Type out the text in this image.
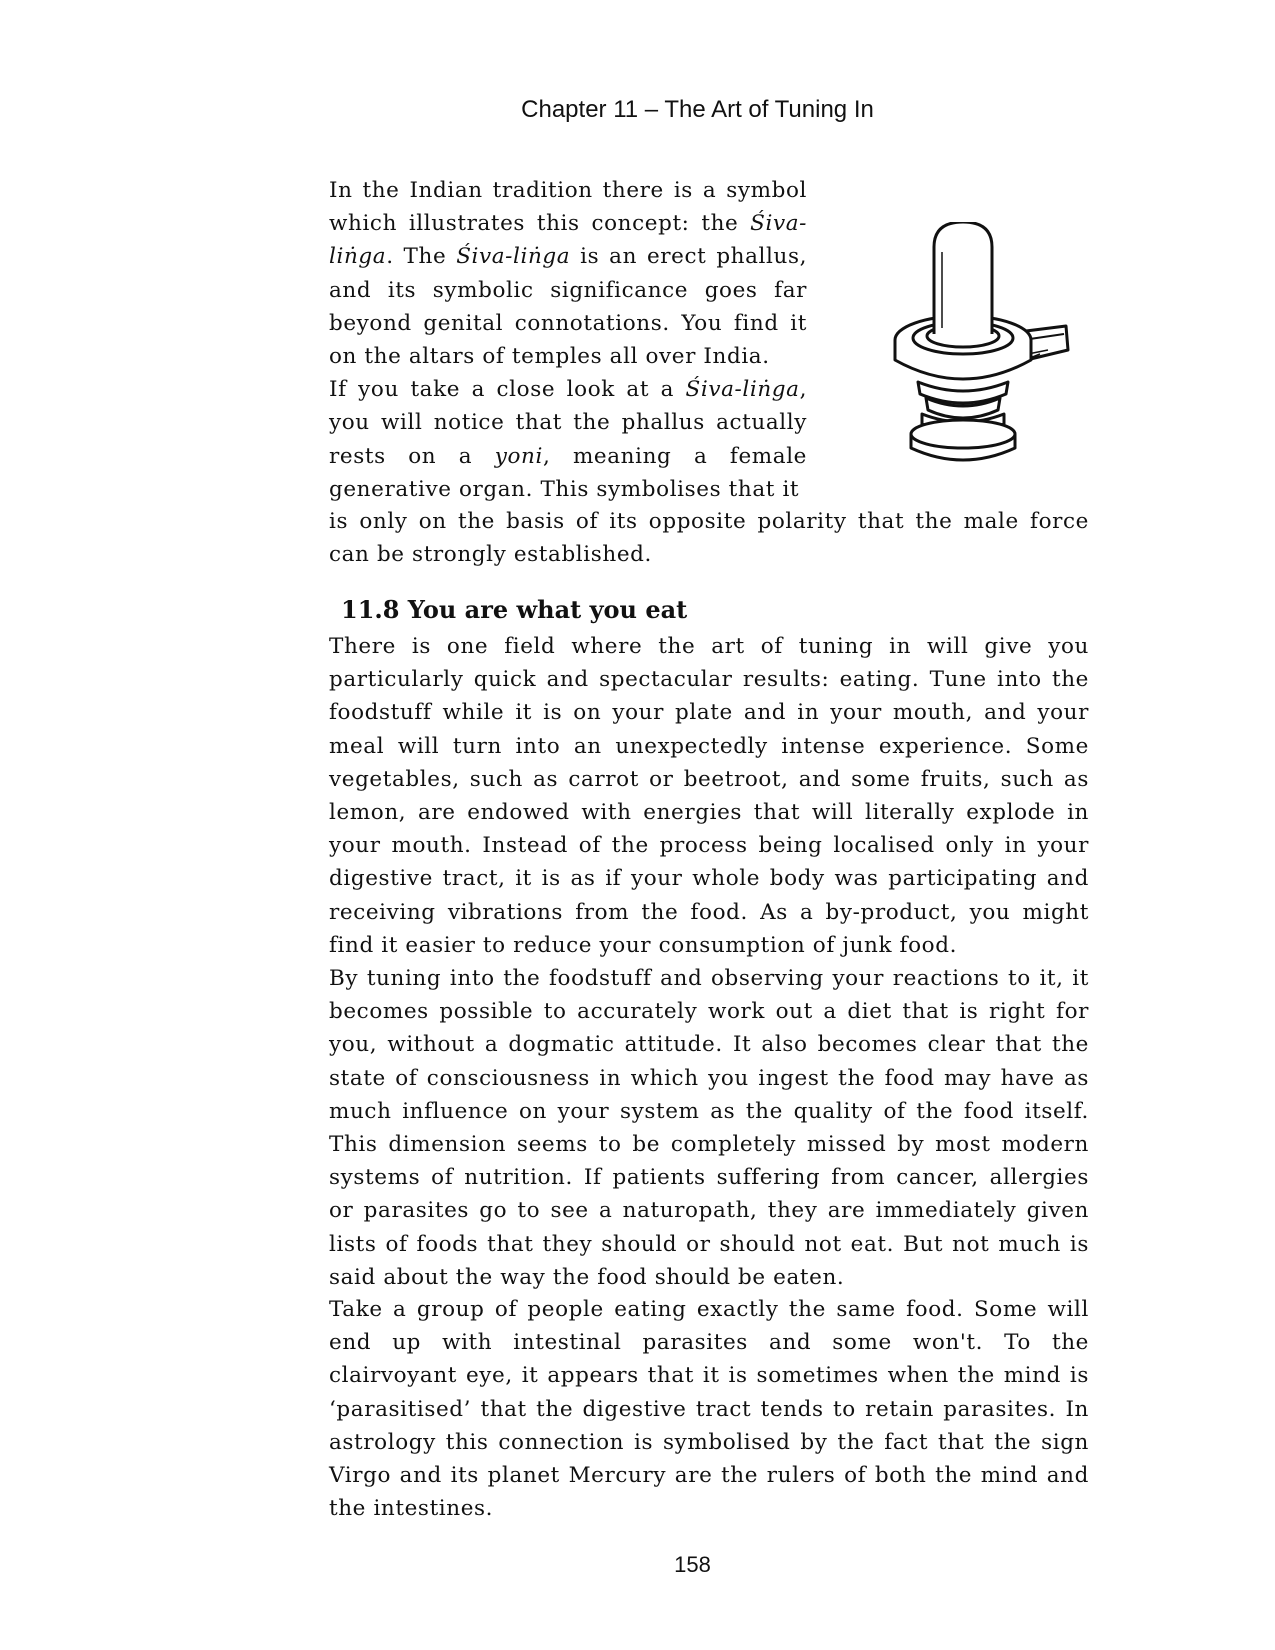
Chapter 11 – The Art of Tuning In
In the Indian tradition there is a symbol which illustrates this concept: the Śiva-liṅga. The Śiva-liṅga is an erect phallus, and its symbolic significance goes far beyond genital connotations. You find it on the altars of temples all over India.
If you take a close look at a Śiva-liṅga, you will notice that the phallus actually rests on a yoni, meaning a female generative organ. This symbolises that it
is only on the basis of its opposite polarity that the male force can be strongly established.
11.8 You are what you eat

There is one field where the art of tuning in will give you particularly quick and spectacular results: eating. Tune into the foodstuff while it is on your plate and in your mouth, and your meal will turn into an unexpectedly intense experience. Some vegetables, such as carrot or beetroot, and some fruits, such as lemon, are endowed with energies that will literally explode in your mouth. Instead of the process being localised only in your digestive tract, it is as if your whole body was participating and receiving vibrations from the food. As a by-product, you might find it easier to reduce your consumption of junk food.

By tuning into the foodstuff and observing your reactions to it, it becomes possible to accurately work out a diet that is right for you, without a dogmatic attitude. It also becomes clear that the state of consciousness in which you ingest the food may have as much influence on your system as the quality of the food itself. This dimension seems to be completely missed by most modern systems of nutrition. If patients suffering from cancer, allergies or parasites go to see a naturopath, they are immediately given lists of foods that they should or should not eat. But not much is said about the way the food should be eaten.

Take a group of people eating exactly the same food. Some will end up with intestinal parasites and some won't. To the clairvoyant eye, it appears that it is sometimes when the mind is ‘parasitised’ that the digestive tract tends to retain parasites. In astrology this connection is symbolised by the fact that the sign Virgo and its planet Mercury are the rulers of both the mind and the intestines.

158
